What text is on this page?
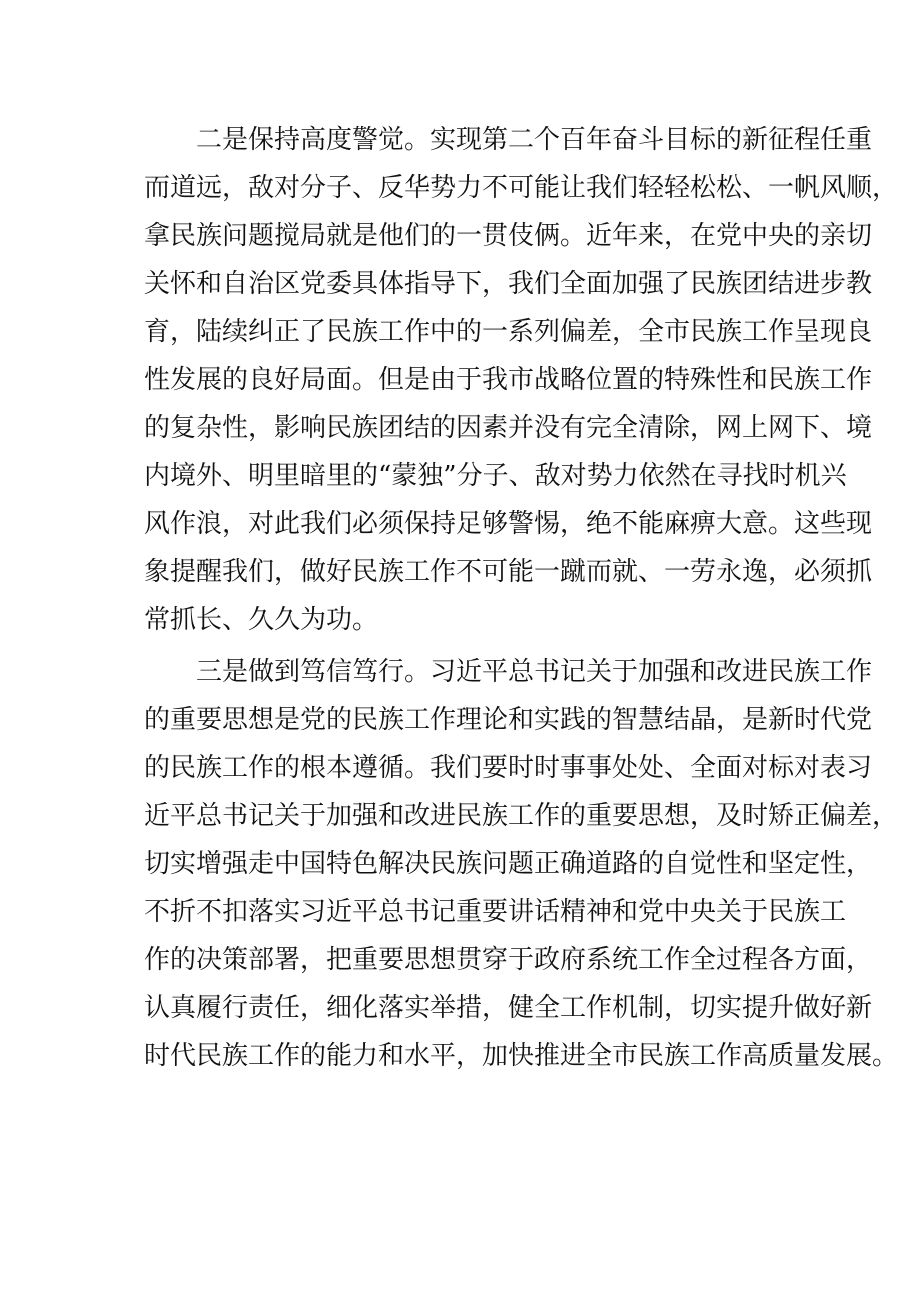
二是保持高度警觉。实现第二个百年奋斗目标的新征程任重
而道远，敌对分子、反华势力不可能让我们轻轻松松、一帆风顺，
拿民族问题搅局就是他们的一贯伎俩。近年来，在党中央的亲切
关怀和自治区党委具体指导下，我们全面加强了民族团结进步教
育，陆续纠正了民族工作中的一系列偏差，全市民族工作呈现良
性发展的良好局面。但是由于我市战略位置的特殊性和民族工作
的复杂性，影响民族团结的因素并没有完全清除，网上网下、境
内境外、明里暗里的“蒙独”分子、敌对势力依然在寻找时机兴
风作浪，对此我们必须保持足够警惕，绝不能麻痹大意。这些现
象提醒我们，做好民族工作不可能一蹴而就、一劳永逸，必须抓
常抓长、久久为功。
三是做到笃信笃行。习近平总书记关于加强和改进民族工作
的重要思想是党的民族工作理论和实践的智慧结晶，是新时代党
的民族工作的根本遵循。我们要时时事事处处、全面对标对表习
近平总书记关于加强和改进民族工作的重要思想，及时矫正偏差，
切实增强走中国特色解决民族问题正确道路的自觉性和坚定性，
不折不扣落实习近平总书记重要讲话精神和党中央关于民族工
作的决策部署，把重要思想贯穿于政府系统工作全过程各方面，
认真履行责任，细化落实举措，健全工作机制，切实提升做好新
时代民族工作的能力和水平，加快推进全市民族工作高质量发展。
